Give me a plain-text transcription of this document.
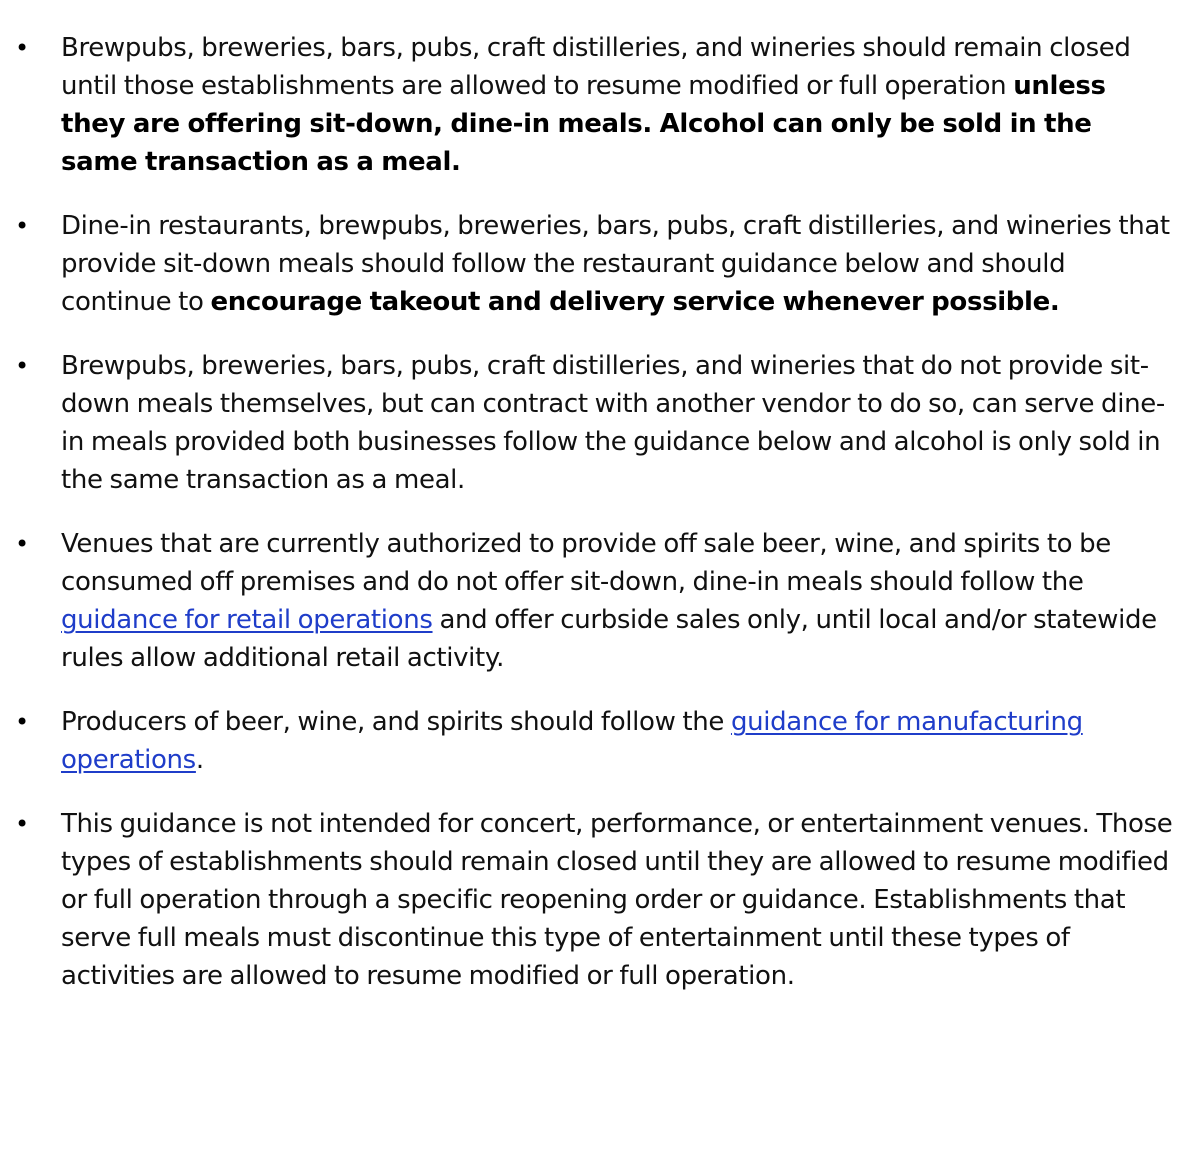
• Brewpubs, breweries, bars, pubs, craft distilleries, and wineries should remain closed until those establishments are allowed to resume modified or full operation unless they are offering sit-down, dine-in meals. Alcohol can only be sold in the same transaction as a meal.

• Dine-in restaurants, brewpubs, breweries, bars, pubs, craft distilleries, and wineries that provide sit-down meals should follow the restaurant guidance below and should continue to encourage takeout and delivery service whenever possible.

• Brewpubs, breweries, bars, pubs, craft distilleries, and wineries that do not provide sit-down meals themselves, but can contract with another vendor to do so, can serve dine-in meals provided both businesses follow the guidance below and alcohol is only sold in the same transaction as a meal.

• Venues that are currently authorized to provide off sale beer, wine, and spirits to be consumed off premises and do not offer sit-down, dine-in meals should follow the guidance for retail operations and offer curbside sales only, until local and/or statewide rules allow additional retail activity.

• Producers of beer, wine, and spirits should follow the guidance for manufacturing operations.

• This guidance is not intended for concert, performance, or entertainment venues. Those types of establishments should remain closed until they are allowed to resume modified or full operation through a specific reopening order or guidance. Establishments that serve full meals must discontinue this type of entertainment until these types of activities are allowed to resume modified or full operation.
